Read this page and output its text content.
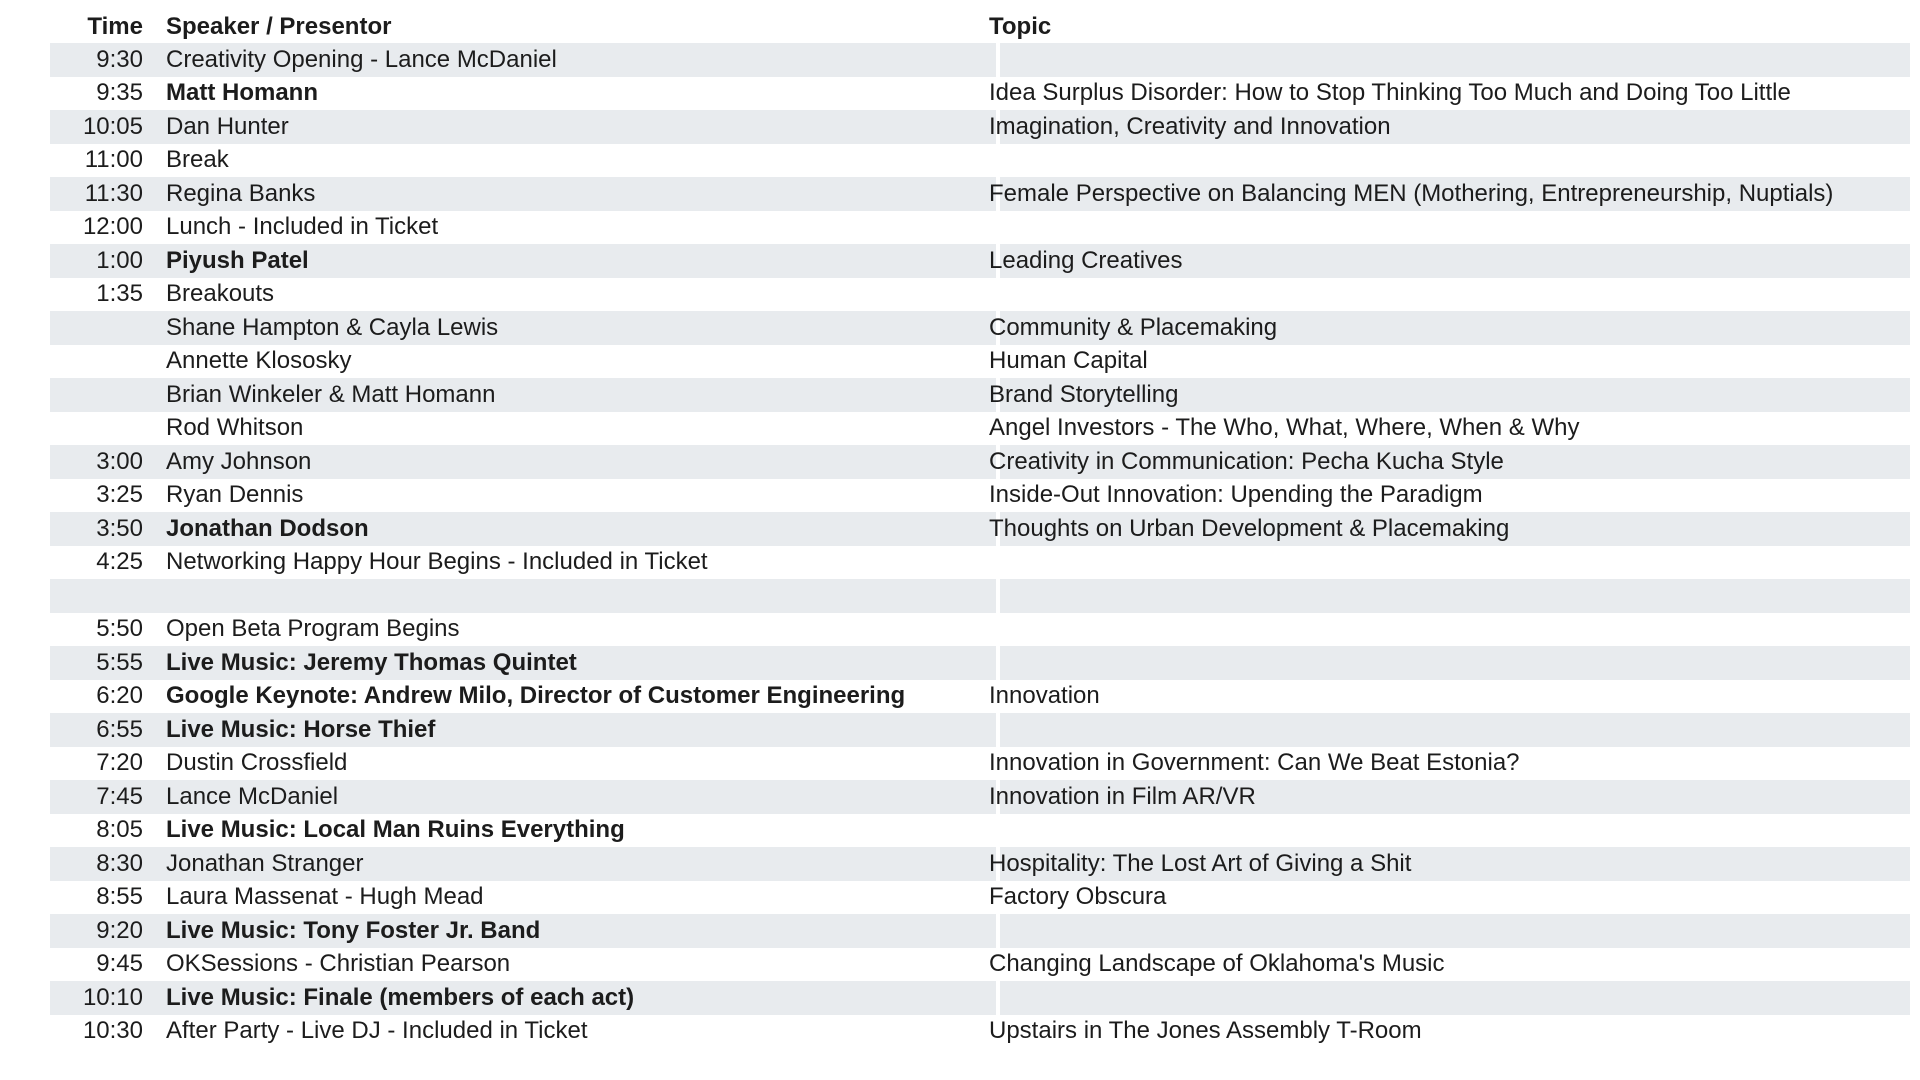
Time Speaker / Presentor	Topic
9:30 Creativity Opening - Lance McDaniel
9:35 Matt Homann	Idea Surplus Disorder: How to Stop Thinking Too Much and Doing Too Little
10:05 Dan Hunter	Imagination, Creativity and Innovation
11:00 Break
11:30 Regina Banks	Female Perspective on Balancing MEN (Mothering, Entrepreneurship, Nuptials)
12:00 Lunch - Included in Ticket
1:00 Piyush Patel	Leading Creatives
1:35 Breakouts
Shane Hampton & Cayla Lewis	Community & Placemaking
Annette Klososky	Human Capital
Brian Winkeler & Matt Homann	Brand Storytelling
Rod Whitson	Angel Investors - The Who, What, Where, When & Why
3:00 Amy Johnson	Creativity in Communication: Pecha Kucha Style
3:25 Ryan Dennis	Inside-Out Innovation: Upending the Paradigm
3:50 Jonathan Dodson	Thoughts on Urban Development & Placemaking
4:25 Networking Happy Hour Begins - Included in Ticket
5:50 Open Beta Program Begins
5:55 Live Music: Jeremy Thomas Quintet
6:20 Google Keynote: Andrew Milo, Director of Customer Engineering	Innovation
6:55 Live Music: Horse Thief
7:20 Dustin Crossfield	Innovation in Government: Can We Beat Estonia?
7:45 Lance McDaniel	Innovation in Film AR/VR
8:05 Live Music: Local Man Ruins Everything
8:30 Jonathan Stranger	Hospitality: The Lost Art of Giving a Shit
8:55 Laura Massenat - Hugh Mead	Factory Obscura
9:20 Live Music: Tony Foster Jr. Band
9:45 OKSessions - Christian Pearson	Changing Landscape of Oklahoma's Music
10:10 Live Music: Finale (members of each act)
10:30 After Party - Live DJ - Included in Ticket	Upstairs in The Jones Assembly T-Room
